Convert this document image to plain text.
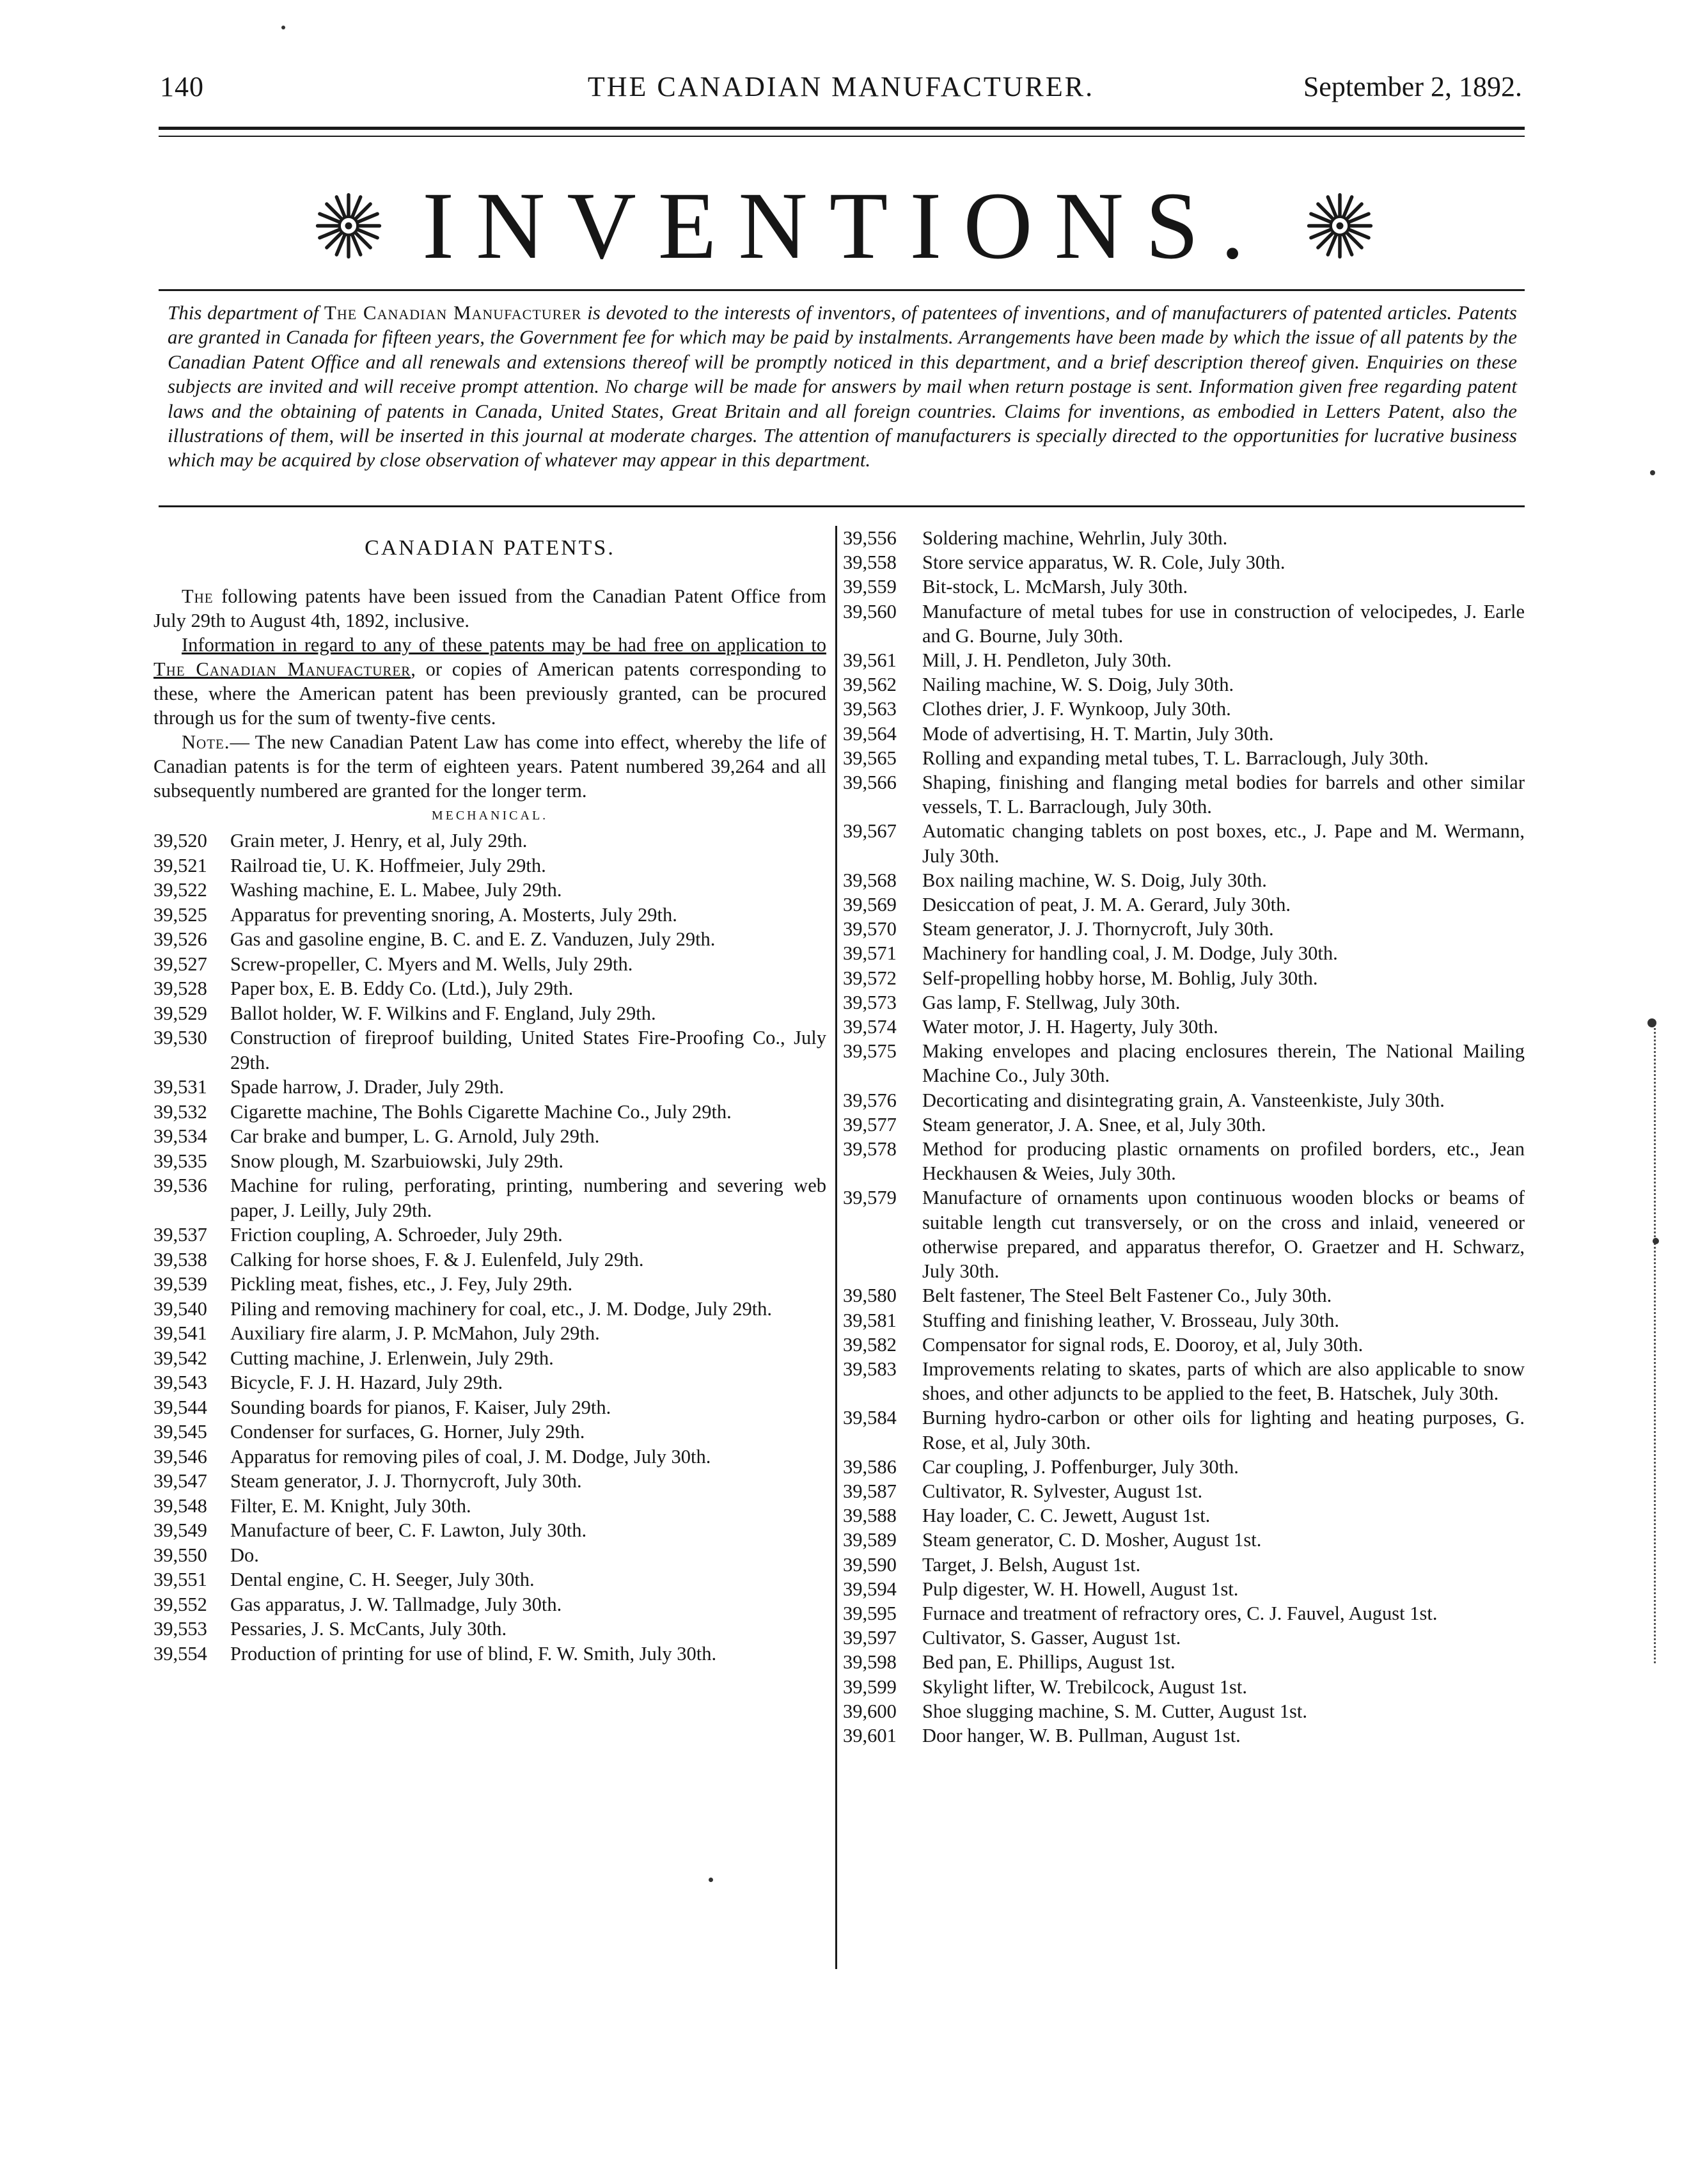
140	THE CANADIAN MANUFACTURER.	September 2, 1892.
INVENTIONS.

This department of The Canadian Manufacturer is devoted to the interests of inventors, of patentees of inventions, and of manufacturers of patented articles. Patents are granted in Canada for fifteen years, the Government fee for which may be paid by instalments. Arrangements have been made by which the issue of all patents by the Canadian Patent Office and all renewals and extensions thereof will be promptly noticed in this department, and a brief description thereof given. Enquiries on these subjects are invited and will receive prompt attention. No charge will be made for answers by mail when return postage is sent. Information given free regarding patent laws and the obtaining of patents in Canada, United States, Great Britain and all foreign countries. Claims for inventions, as embodied in Letters Patent, also the illustrations of them, will be inserted in this journal at moderate charges. The attention of manufacturers is specially directed to the opportunities for lucrative business which may be acquired by close observation of whatever may appear in this department.

CANADIAN PATENTS.

The following patents have been issued from the Canadian Patent Office from July 29th to August 4th, 1892, inclusive.

Information in regard to any of these patents may be had free on application to The Canadian Manufacturer, or copies of American patents corresponding to these, where the American patent has been previously granted, can be procured through us for the sum of twenty-five cents.

Note.— The new Canadian Patent Law has come into effect, whereby the life of Canadian patents is for the term of eighteen years. Patent numbered 39,264 and all subsequently numbered are granted for the longer term.

MECHANICAL.
39,520	Grain meter, J. Henry, et al, July 29th.
39,521	Railroad tie, U. K. Hoffmeier, July 29th.
39,522	Washing machine, E. L. Mabee, July 29th.
39,525	Apparatus for preventing snoring, A. Mosterts, July 29th.
39,526	Gas and gasoline engine, B. C. and E. Z. Vanduzen, July 29th.
39,527	Screw-propeller, C. Myers and M. Wells, July 29th.
39,528	Paper box, E. B. Eddy Co. (Ltd.), July 29th.
39,529	Ballot holder, W. F. Wilkins and F. England, July 29th.
39,530	Construction of fireproof building, United States Fire-Proofing Co., July 29th.
39,531	Spade harrow, J. Drader, July 29th.
39,532	Cigarette machine, The Bohls Cigarette Machine Co., July 29th.
39,534	Car brake and bumper, L. G. Arnold, July 29th.
39,535	Snow plough, M. Szarbuiowski, July 29th.
39,536	Machine for ruling, perforating, printing, numbering and severing web paper, J. Leilly, July 29th.
39,537	Friction coupling, A. Schroeder, July 29th.
39,538	Calking for horse shoes, F. & J. Eulenfeld, July 29th.
39,539	Pickling meat, fishes, etc., J. Fey, July 29th.
39,540	Piling and removing machinery for coal, etc., J. M. Dodge, July 29th.
39,541	Auxiliary fire alarm, J. P. McMahon, July 29th.
39,542	Cutting machine, J. Erlenwein, July 29th.
39,543	Bicycle, F. J. H. Hazard, July 29th.
39,544	Sounding boards for pianos, F. Kaiser, July 29th.
39,545	Condenser for surfaces, G. Horner, July 29th.
39,546	Apparatus for removing piles of coal, J. M. Dodge, July 30th.
39,547	Steam generator, J. J. Thornycroft, July 30th.
39,548	Filter, E. M. Knight, July 30th.
39,549	Manufacture of beer, C. F. Lawton, July 30th.
39,550	Do.
39,551	Dental engine, C. H. Seeger, July 30th.
39,552	Gas apparatus, J. W. Tallmadge, July 30th.
39,553	Pessaries, J. S. McCants, July 30th.
39,554	Production of printing for use of blind, F. W. Smith, July 30th.
39,556	Soldering machine, Wehrlin, July 30th.
39,558	Store service apparatus, W. R. Cole, July 30th.
39,559	Bit-stock, L. McMarsh, July 30th.
39,560	Manufacture of metal tubes for use in construction of velocipedes, J. Earle and G. Bourne, July 30th.
39,561	Mill, J. H. Pendleton, July 30th.
39,562	Nailing machine, W. S. Doig, July 30th.
39,563	Clothes drier, J. F. Wynkoop, July 30th.
39,564	Mode of advertising, H. T. Martin, July 30th.
39,565	Rolling and expanding metal tubes, T. L. Barraclough, July 30th.
39,566	Shaping, finishing and flanging metal bodies for barrels and other similar vessels, T. L. Barraclough, July 30th.
39,567	Automatic changing tablets on post boxes, etc., J. Pape and M. Wermann, July 30th.
39,568	Box nailing machine, W. S. Doig, July 30th.
39,569	Desiccation of peat, J. M. A. Gerard, July 30th.
39,570	Steam generator, J. J. Thornycroft, July 30th.
39,571	Machinery for handling coal, J. M. Dodge, July 30th.
39,572	Self-propelling hobby horse, M. Bohlig, July 30th.
39,573	Gas lamp, F. Stellwag, July 30th.
39,574	Water motor, J. H. Hagerty, July 30th.
39,575	Making envelopes and placing enclosures therein, The National Mailing Machine Co., July 30th.
39,576	Decorticating and disintegrating grain, A. Vansteenkiste, July 30th.
39,577	Steam generator, J. A. Snee, et al, July 30th.
39,578	Method for producing plastic ornaments on profiled borders, etc., Jean Heckhausen & Weies, July 30th.
39,579	Manufacture of ornaments upon continuous wooden blocks or beams of suitable length cut transversely, or on the cross and inlaid, veneered or otherwise prepared, and apparatus therefor, O. Graetzer and H. Schwarz, July 30th.
39,580	Belt fastener, The Steel Belt Fastener Co., July 30th.
39,581	Stuffing and finishing leather, V. Brosseau, July 30th.
39,582	Compensator for signal rods, E. Dooroy, et al, July 30th.
39,583	Improvements relating to skates, parts of which are also applicable to snow shoes, and other adjuncts to be applied to the feet, B. Hatschek, July 30th.
39,584	Burning hydro-carbon or other oils for lighting and heating purposes, G. Rose, et al, July 30th.
39,586	Car coupling, J. Poffenburger, July 30th.
39,587	Cultivator, R. Sylvester, August 1st.
39,588	Hay loader, C. C. Jewett, August 1st.
39,589	Steam generator, C. D. Mosher, August 1st.
39,590	Target, J. Belsh, August 1st.
39,594	Pulp digester, W. H. Howell, August 1st.
39,595	Furnace and treatment of refractory ores, C. J. Fauvel, August 1st.
39,597	Cultivator, S. Gasser, August 1st.
39,598	Bed pan, E. Phillips, August 1st.
39,599	Skylight lifter, W. Trebilcock, August 1st.
39,600	Shoe slugging machine, S. M. Cutter, August 1st.
39,601	Door hanger, W. B. Pullman, August 1st.
